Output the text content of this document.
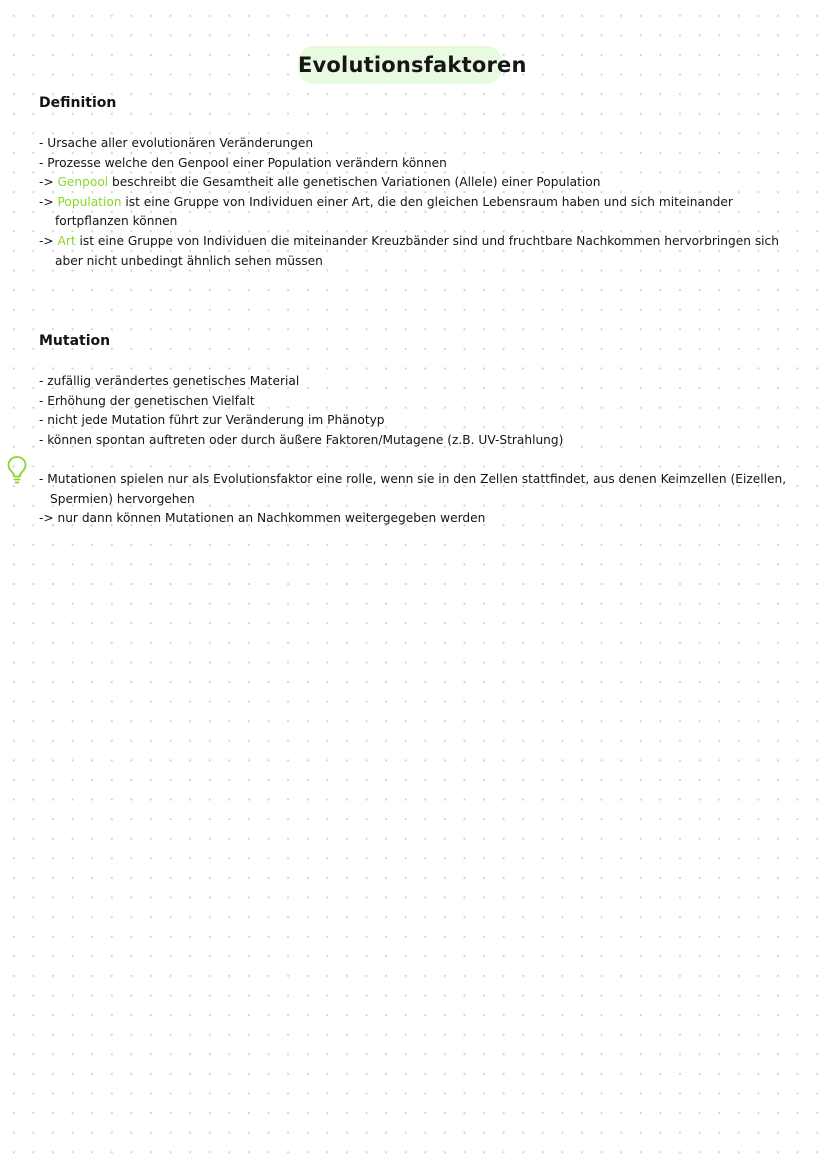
Evolutionsfaktoren
Definition
- Ursache aller evolutionären Veränderungen
- Prozesse welche den Genpool einer Population verändern können
-> Genpool beschreibt die Gesamtheit alle genetischen Variationen (Allele) einer Population
-> Population ist eine Gruppe von Individuen einer Art, die den gleichen Lebensraum haben und sich miteinander
fortpflanzen können
-> Art ist eine Gruppe von Individuen die miteinander Kreuzbänder sind und fruchtbare Nachkommen hervorbringen sich
aber nicht unbedingt ähnlich sehen müssen
Mutation
- zufällig verändertes genetisches Material
- Erhöhung der genetischen Vielfalt
- nicht jede Mutation führt zur Veränderung im Phänotyp
- können spontan auftreten oder durch äußere Faktoren/Mutagene (z.B. UV-Strahlung)
- Mutationen spielen nur als Evolutionsfaktor eine rolle, wenn sie in den Zellen stattfindet, aus denen Keimzellen (Eizellen,
Spermien) hervorgehen
-> nur dann können Mutationen an Nachkommen weitergegeben werden
